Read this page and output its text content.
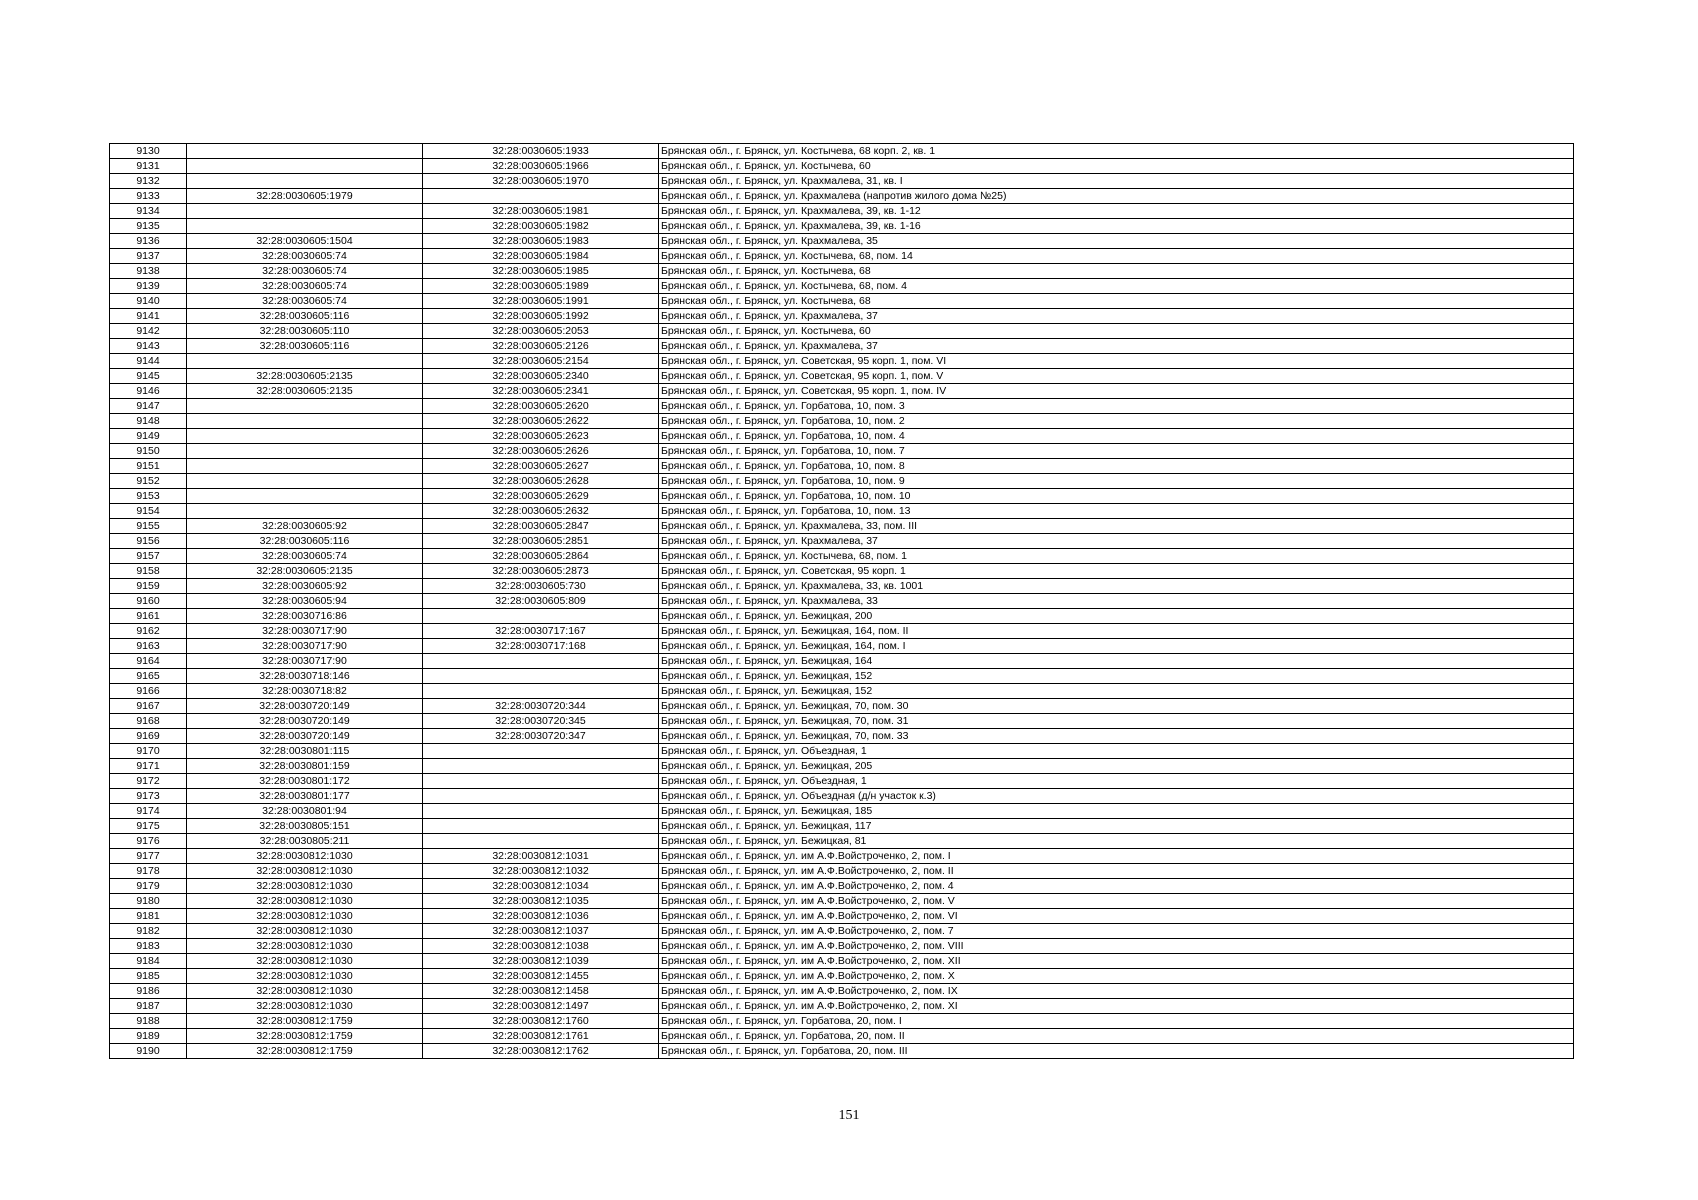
9130		32:28:0030605:1933	Брянская обл., г. Брянск, ул. Костычева, 68 корп. 2, кв. 1
9131		32:28:0030605:1966	Брянская обл., г. Брянск, ул. Костычева, 60
9132		32:28:0030605:1970	Брянская обл., г. Брянск, ул. Крахмалева, 31, кв. I
9133	32:28:0030605:1979		Брянская обл., г. Брянск, ул. Крахмалева (напротив жилого дома №25)
9134		32:28:0030605:1981	Брянская обл., г. Брянск, ул. Крахмалева, 39, кв. 1-12
9135		32:28:0030605:1982	Брянская обл., г. Брянск, ул. Крахмалева, 39, кв. 1-16
9136	32:28:0030605:1504	32:28:0030605:1983	Брянская обл., г. Брянск, ул. Крахмалева, 35
9137	32:28:0030605:74	32:28:0030605:1984	Брянская обл., г. Брянск, ул. Костычева, 68, пом. 14
9138	32:28:0030605:74	32:28:0030605:1985	Брянская обл., г. Брянск, ул. Костычева, 68
9139	32:28:0030605:74	32:28:0030605:1989	Брянская обл., г. Брянск, ул. Костычева, 68, пом. 4
9140	32:28:0030605:74	32:28:0030605:1991	Брянская обл., г. Брянск, ул. Костычева, 68
9141	32:28:0030605:116	32:28:0030605:1992	Брянская обл., г. Брянск, ул. Крахмалева, 37
9142	32:28:0030605:110	32:28:0030605:2053	Брянская обл., г. Брянск, ул. Костычева, 60
9143	32:28:0030605:116	32:28:0030605:2126	Брянская обл., г. Брянск, ул. Крахмалева, 37
9144		32:28:0030605:2154	Брянская обл., г. Брянск, ул. Советская, 95 корп. 1, пом. VI
9145	32:28:0030605:2135	32:28:0030605:2340	Брянская обл., г. Брянск, ул. Советская, 95 корп. 1, пом. V
9146	32:28:0030605:2135	32:28:0030605:2341	Брянская обл., г. Брянск, ул. Советская, 95 корп. 1, пом. IV
9147		32:28:0030605:2620	Брянская обл., г. Брянск, ул. Горбатова, 10, пом. 3
9148		32:28:0030605:2622	Брянская обл., г. Брянск, ул. Горбатова, 10, пом. 2
9149		32:28:0030605:2623	Брянская обл., г. Брянск, ул. Горбатова, 10, пом. 4
9150		32:28:0030605:2626	Брянская обл., г. Брянск, ул. Горбатова, 10, пом. 7
9151		32:28:0030605:2627	Брянская обл., г. Брянск, ул. Горбатова, 10, пом. 8
9152		32:28:0030605:2628	Брянская обл., г. Брянск, ул. Горбатова, 10, пом. 9
9153		32:28:0030605:2629	Брянская обл., г. Брянск, ул. Горбатова, 10, пом. 10
9154		32:28:0030605:2632	Брянская обл., г. Брянск, ул. Горбатова, 10, пом. 13
9155	32:28:0030605:92	32:28:0030605:2847	Брянская обл., г. Брянск, ул. Крахмалева, 33, пом. III
9156	32:28:0030605:116	32:28:0030605:2851	Брянская обл., г. Брянск, ул. Крахмалева, 37
9157	32:28:0030605:74	32:28:0030605:2864	Брянская обл., г. Брянск, ул. Костычева, 68, пом. 1
9158	32:28:0030605:2135	32:28:0030605:2873	Брянская обл., г. Брянск, ул. Советская, 95 корп. 1
9159	32:28:0030605:92	32:28:0030605:730	Брянская обл., г. Брянск, ул. Крахмалева, 33, кв. 1001
9160	32:28:0030605:94	32:28:0030605:809	Брянская обл., г. Брянск, ул. Крахмалева, 33
9161	32:28:0030716:86		Брянская обл., г. Брянск, ул. Бежицкая, 200
9162	32:28:0030717:90	32:28:0030717:167	Брянская обл., г. Брянск, ул. Бежицкая, 164, пом. II
9163	32:28:0030717:90	32:28:0030717:168	Брянская обл., г. Брянск, ул. Бежицкая, 164, пом. I
9164	32:28:0030717:90		Брянская обл., г. Брянск, ул. Бежицкая, 164
9165	32:28:0030718:146		Брянская обл., г. Брянск, ул. Бежицкая, 152
9166	32:28:0030718:82		Брянская обл., г. Брянск, ул. Бежицкая, 152
9167	32:28:0030720:149	32:28:0030720:344	Брянская обл., г. Брянск, ул. Бежицкая, 70, пом. 30
9168	32:28:0030720:149	32:28:0030720:345	Брянская обл., г. Брянск, ул. Бежицкая, 70, пом. 31
9169	32:28:0030720:149	32:28:0030720:347	Брянская обл., г. Брянск, ул. Бежицкая, 70, пом. 33
9170	32:28:0030801:115		Брянская обл., г. Брянск, ул. Объездная, 1
9171	32:28:0030801:159		Брянская обл., г. Брянск, ул. Бежицкая, 205
9172	32:28:0030801:172		Брянская обл., г. Брянск, ул. Объездная, 1
9173	32:28:0030801:177		Брянская обл., г. Брянск, ул. Объездная (д/н участок к.3)
9174	32:28:0030801:94		Брянская обл., г. Брянск, ул. Бежицкая, 185
9175	32:28:0030805:151		Брянская обл., г. Брянск, ул. Бежицкая, 117
9176	32:28:0030805:211		Брянская обл., г. Брянск, ул. Бежицкая, 81
9177	32:28:0030812:1030	32:28:0030812:1031	Брянская обл., г. Брянск, ул. им А.Ф.Войстроченко, 2, пом. I
9178	32:28:0030812:1030	32:28:0030812:1032	Брянская обл., г. Брянск, ул. им А.Ф.Войстроченко, 2, пом. II
9179	32:28:0030812:1030	32:28:0030812:1034	Брянская обл., г. Брянск, ул. им А.Ф.Войстроченко, 2, пом. 4
9180	32:28:0030812:1030	32:28:0030812:1035	Брянская обл., г. Брянск, ул. им А.Ф.Войстроченко, 2, пом. V
9181	32:28:0030812:1030	32:28:0030812:1036	Брянская обл., г. Брянск, ул. им А.Ф.Войстроченко, 2, пом. VI
9182	32:28:0030812:1030	32:28:0030812:1037	Брянская обл., г. Брянск, ул. им А.Ф.Войстроченко, 2, пом. 7
9183	32:28:0030812:1030	32:28:0030812:1038	Брянская обл., г. Брянск, ул. им А.Ф.Войстроченко, 2, пом. VIII
9184	32:28:0030812:1030	32:28:0030812:1039	Брянская обл., г. Брянск, ул. им А.Ф.Войстроченко, 2, пом. XII
9185	32:28:0030812:1030	32:28:0030812:1455	Брянская обл., г. Брянск, ул. им А.Ф.Войстроченко, 2, пом. X
9186	32:28:0030812:1030	32:28:0030812:1458	Брянская обл., г. Брянск, ул. им А.Ф.Войстроченко, 2, пом. IX
9187	32:28:0030812:1030	32:28:0030812:1497	Брянская обл., г. Брянск, ул. им А.Ф.Войстроченко, 2, пом. XI
9188	32:28:0030812:1759	32:28:0030812:1760	Брянская обл., г. Брянск, ул. Горбатова, 20, пом. I
9189	32:28:0030812:1759	32:28:0030812:1761	Брянская обл., г. Брянск, ул. Горбатова, 20, пом. II
9190	32:28:0030812:1759	32:28:0030812:1762	Брянская обл., г. Брянск, ул. Горбатова, 20, пом. III
151
